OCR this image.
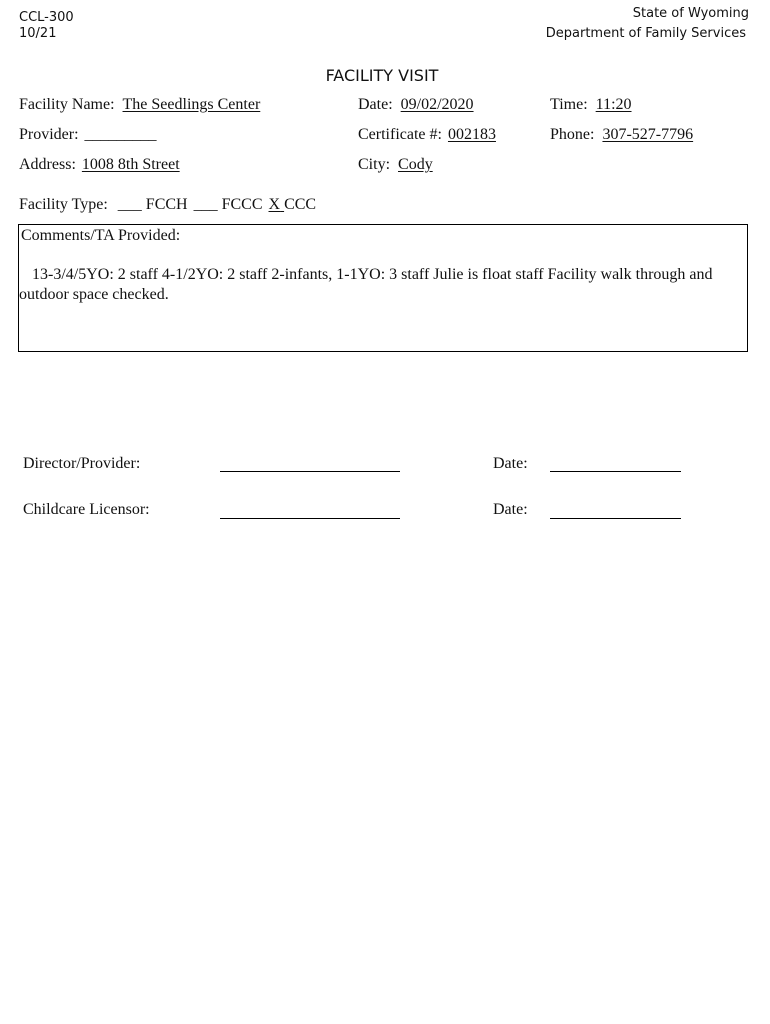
CCL-300
10/21
State of Wyoming
Department of Family Services
FACILITY VISIT
Facility Name: The Seedlings Center	Date: 09/02/2020	Time: 11:20
Provider: _________	Certificate #: 002183	Phone: 307-527-7796
Address: 1008 8th Street	City: Cody
Facility Type: ___ FCCH ___ FCCC X CCC
Comments/TA Provided:
13-3/4/5YO: 2 staff 4-1/2YO: 2 staff 2-infants, 1-1YO: 3 staff Julie is float staff Facility walk through and
outdoor space checked.
Director/Provider:	Date:
Childcare Licensor:	Date:
